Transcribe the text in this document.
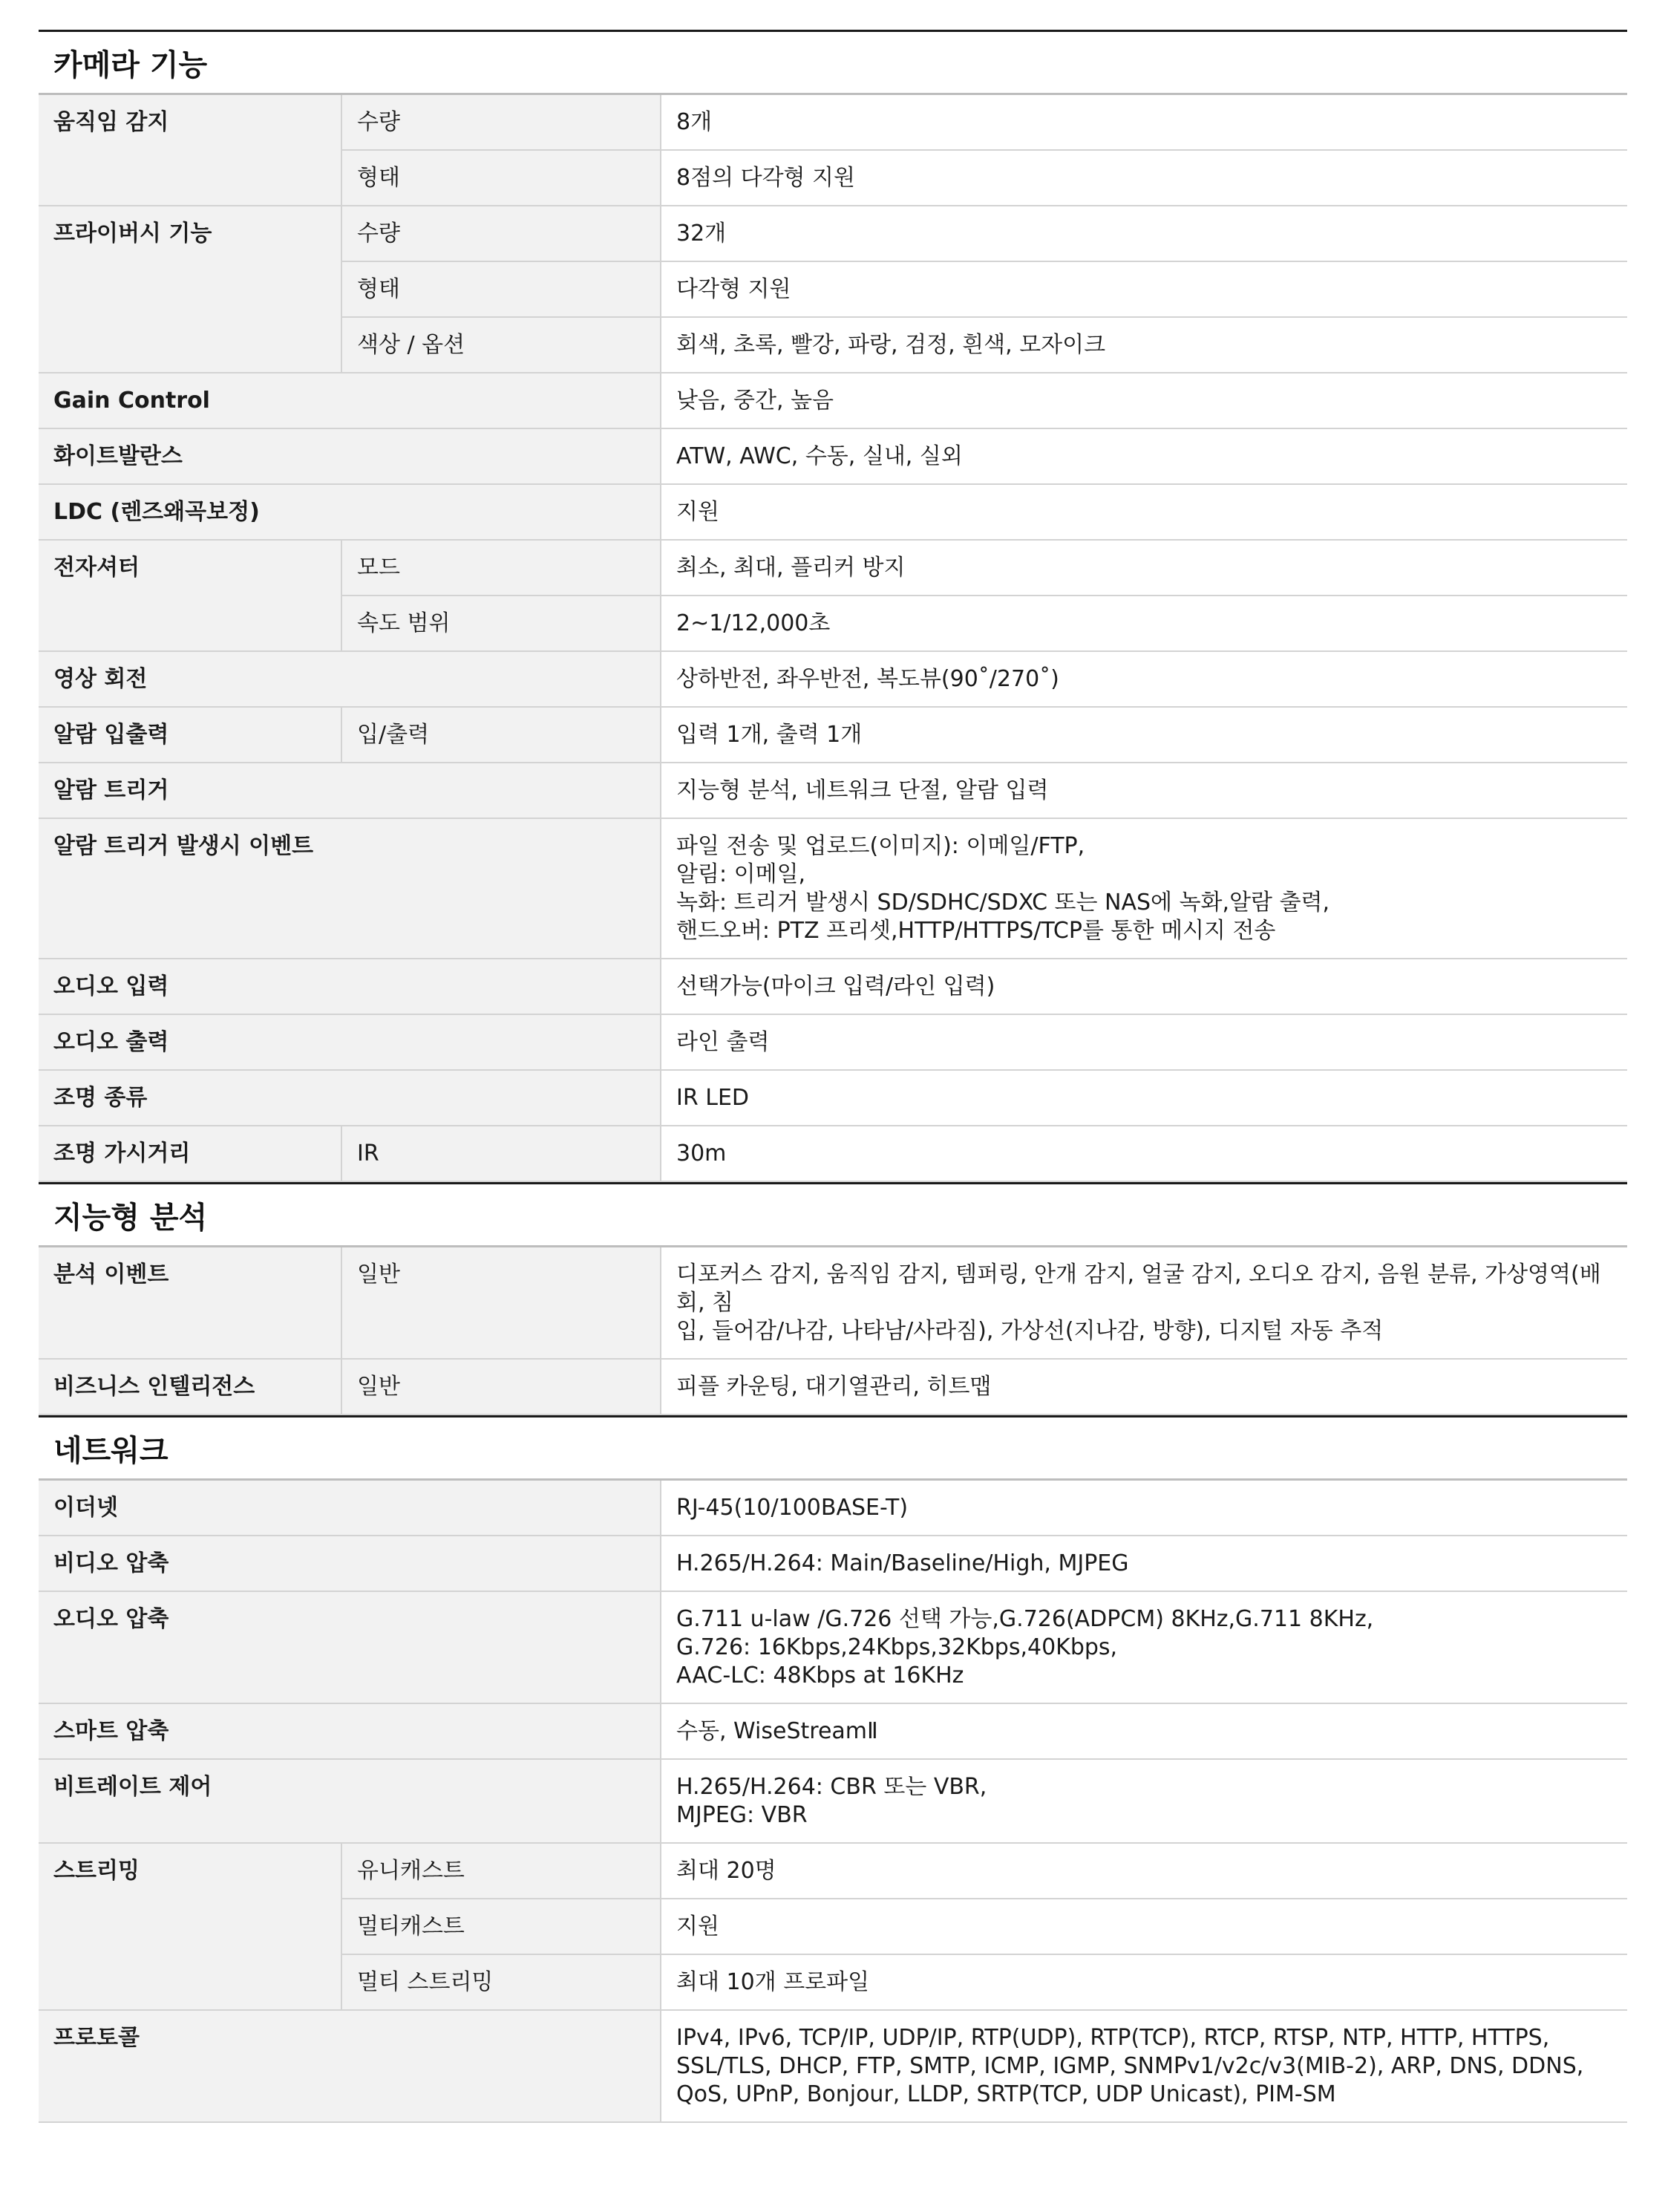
카메라 기능
움직임 감지	수량	8개

	형태	8점의 다각형 지원

프라이버시 기능	수량	32개

	형태	다각형 지원

	색상 / 옵션	회색, 초록, 빨강, 파랑, 검정, 흰색, 모자이크

Gain Control		낮음, 중간, 높음

화이트발란스		ATW, AWC, 수동, 실내, 실외

LDC (렌즈왜곡보정)		지원

전자셔터	모드	최소, 최대, 플리커 방지

	속도 범위	2~1/12,000초

영상 회전		상하반전, 좌우반전, 복도뷰(90˚/270˚)

알람 입출력	입/출력	입력 1개, 출력 1개

알람 트리거		지능형 분석, 네트워크 단절, 알람 입력

알람 트리거 발생시 이벤트		파일 전송 및 업로드(이미지): 이메일/FTP,
알림: 이메일,
녹화: 트리거 발생시 SD/SDHC/SDXC 또는 NAS에 녹화,알람 출력,
핸드오버: PTZ 프리셋,HTTP/HTTPS/TCP를 통한 메시지 전송

오디오 입력		선택가능(마이크 입력/라인 입력)

오디오 출력		라인 출력

조명 종류		IR LED

조명 가시거리	IR	30m
지능형 분석
분석 이벤트	일반	디포커스 감지, 움직임 감지, 템퍼링, 안개 감지, 얼굴 감지, 오디오 감지, 음원 분류, 가상영역(배회, 침
입, 들어감/나감, 나타남/사라짐), 가상선(지나감, 방향), 디지털 자동 추적

비즈니스 인텔리전스	일반	피플 카운팅, 대기열관리, 히트맵
네트워크
이더넷		RJ-45(10/100BASE-T)

비디오 압축		H.265/H.264: Main/Baseline/High, MJPEG

오디오 압축		G.711 u-law /G.726 선택 가능,G.726(ADPCM) 8KHz,G.711 8KHz,
G.726: 16Kbps,24Kbps,32Kbps,40Kbps,
AAC-LC: 48Kbps at 16KHz

스마트 압축		수동, WiseStreamⅡ

비트레이트 제어		H.265/H.264: CBR 또는 VBR,
MJPEG: VBR

스트리밍	유니캐스트	최대 20명

	멀티캐스트	지원

	멀티 스트리밍	최대 10개 프로파일

프로토콜		IPv4, IPv6, TCP/IP, UDP/IP, RTP(UDP), RTP(TCP), RTCP, RTSP, NTP, HTTP, HTTPS,
SSL/TLS, DHCP, FTP, SMTP, ICMP, IGMP, SNMPv1/v2c/v3(MIB-2), ARP, DNS, DDNS,
QoS, UPnP, Bonjour, LLDP, SRTP(TCP, UDP Unicast), PIM-SM
